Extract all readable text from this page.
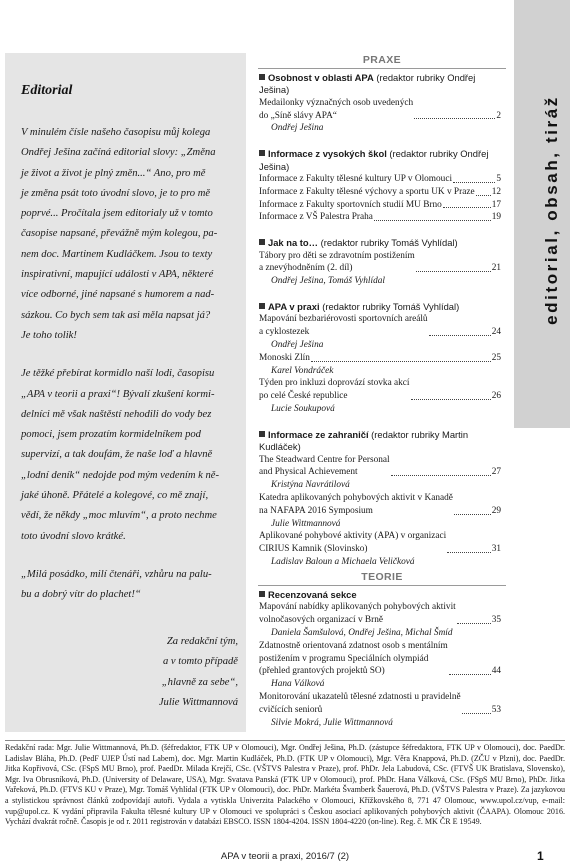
editorial, obsah, tiráž
Editorial

V minulém čísle našeho časopisu můj kolega
Ondřej Ješina začíná editorial slovy: „Změna
je život a život je plný změn...“ Ano, pro mě
je změna psát toto úvodní slovo, je to pro mě
poprvé... Pročítala jsem editorialy už v tomto
časopise napsané, převážně mým kolegou, pa-
nem doc. Martinem Kudláčkem. Jsou to texty
inspirativní, mapující události v APA, některé
více odborné, jiné napsané s humorem a nad-
sázkou. Co bych sem tak asi měla napsat já?
Je toho tolik!

Je těžké přebírat kormidlo naší lodi, časopisu
„APA v teorii a praxi“! Bývalí zkušení kormi-
delníci mě však naštěstí nehodili do vody bez
pomoci, jsem prozatím kormidelníkem pod
supervizí, a tak doufám, že naše loď a hlavně
„lodní deník“ nedojde pod mým vedením k ně-
jaké úhoně. Přátelé a kolegové, co mě znají,
vědí, že někdy „moc mluvím“, a proto nechme
toto úvodní slovo krátké.

„Milá posádko, milí čtenáři, vzhůru na palu-
bu a dobrý vítr do plachet!“

Za redakční tým,
a v tomto případě
„hlavně za sebe“,
Julie Wittmannová
PRAXE
Osobnost v oblasti APA (redaktor rubriky Ondřej Ješina)
Medailonky význačných osob uvedených
do „Síně slávy APA“	2
Ondřej Ješina
Informace z vysokých škol (redaktor rubriky Ondřej Ješina)
Informace z Fakulty tělesné kultury UP v Olomouci	5
Informace z Fakulty tělesné výchovy a sportu UK v Praze 12
Informace z Fakulty sportovních studií MU Brno	17
Informace z VŠ Palestra Praha	19
Jak na to… (redaktor rubriky Tomáš Vyhlídal)
Tábory pro děti se zdravotním postižením
a znevýhodněním (2. díl)	21
Ondřej Ješina, Tomáš Vyhlídal
APA v praxi (redaktor rubriky Tomáš Vyhlídal)
Mapování bezbariérovosti sportovních areálů
a cyklostezek	24
Ondřej Ješina
Monoski Zlín	25
Karel Vondráček
Týden pro inkluzi doprovází stovka akcí
po celé České republice	26
Lucie Soukupová
Informace ze zahraničí (redaktor rubriky Martin Kudláček)
The Steadward Centre for Personal
and Physical Achievement	27
Kristýna Navrátilová
Katedra aplikovaných pohybových aktivit v Kanadě
na NAFAPA 2016 Symposium	29
Julie Wittmannová
Aplikované pohybové aktivity (APA) v organizaci
CIRIUS Kamnik (Slovinsko)	31
Ladislav Baloun a Michaela Veličková
TEORIE
Recenzovaná sekce
Mapování nabídky aplikovaných pohybových aktivit
volnočasových organizací v Brně	35
Daniela Šamšulová, Ondřej Ješina, Michal Šmíd
Zdatnostně orientovaná zdatnost osob s mentálním
postižením v programu Speciálních olympiád
(přehled grantových projektů SO)	44
Hana Válková
Monitorování ukazatelů tělesné zdatnosti u pravidelně
cvičících seniorů	53
Silvie Mokrá, Julie Wittmannová
Redakční rada: Mgr. Julie Wittmannová, Ph.D. (šéfredaktor, FTK UP v Olomouci), Mgr. Ondřej Ješina, Ph.D. (zástupce šéfredaktora, FTK UP v Olomouci), doc. PaedDr. Ladislav Bláha, Ph.D. (PedF UJEP Ústí nad Labem), doc. Mgr. Martin Kudláček, Ph.D. (FTK UP v Olomouci), Mgr. Věra Knappová, Ph.D. (ZČU v Plzni), doc. PaedDr. Jitka Kopřivová, CSc. (FSpS MU Brno), prof. PaedDr. Milada Krejčí, CSc. (VŠTVS Palestra v Praze), prof. PhDr. Jela Labudová, CSc. (FTVŠ UK Bratislava, Slovensko), Mgr. Iva Obrusníková, Ph.D. (University of Delaware, USA), Mgr. Svatava Panská (FTK UP v Olomouci), prof. PhDr. Hana Válková, CSc. (FSpS MU Brno), PhDr. Jitka Vařeková, Ph.D. (FTVS KU v Praze), Mgr. Tomáš Vyhlídal (FTK UP v Olomouci), doc. PhDr. Markéta Švamberk Šauerová, Ph.D. (VŠTVS Palestra v Praze). Za jazykovou a stylistickou správnost článků zodpovídají autoři. Vydala a vytiskla Univerzita Palackého v Olomouci, Křížkovského 8, 771 47 Olomouc, www.upol.cz/vup, e-mail: vup@upol.cz. K vydání připravila Fakulta tělesné kultury UP v Olomouci ve spolupráci s Českou asociací aplikovaných pohybových aktivit (ČAAPA). Olomouc 2016. Vychází dvakrát ročně. Časopis je od r. 2011 registrován v databázi EBSCO. ISSN 1804-4204. ISSN 1804-4220 (on-line). Reg. č. MK ČR E 19549.
APA v teorii a praxi, 2016/7 (2)	1
